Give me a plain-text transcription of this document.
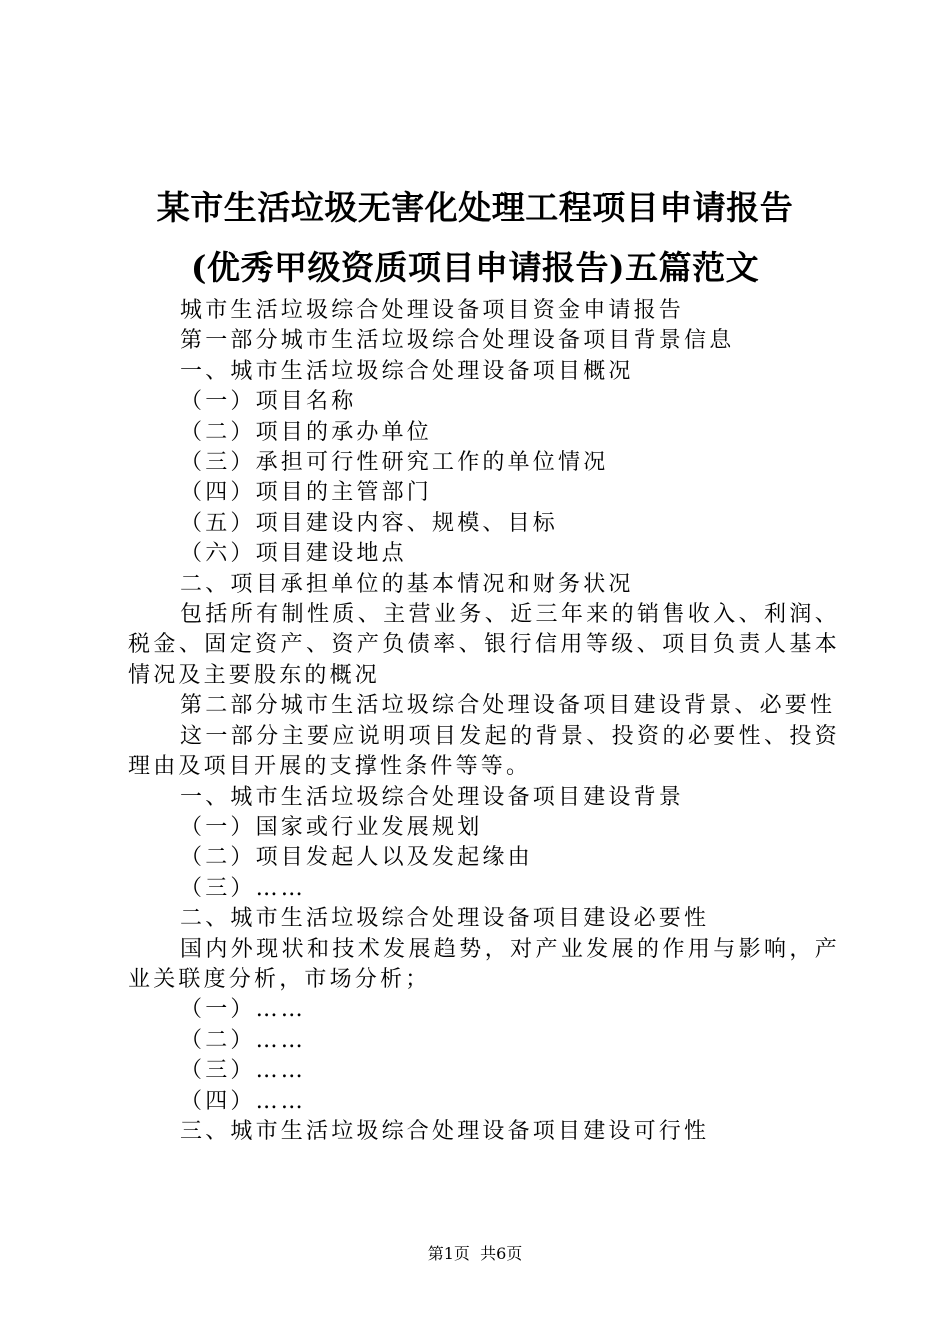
某市生活垃圾无害化处理工程项目申请报告
(优秀甲级资质项目申请报告)五篇范文

城市生活垃圾综合处理设备项目资金申请报告

第一部分城市生活垃圾综合处理设备项目背景信息

一、城市生活垃圾综合处理设备项目概况

（一）项目名称

（二）项目的承办单位

（三）承担可行性研究工作的单位情况

（四）项目的主管部门

（五）项目建设内容、规模、目标

（六）项目建设地点

二、项目承担单位的基本情况和财务状况

包括所有制性质、主营业务、近三年来的销售收入、利润、税金、固定资产、资产负债率、银行信用等级、项目负责人基本情况及主要股东的概况

第二部分城市生活垃圾综合处理设备项目建设背景、必要性

这一部分主要应说明项目发起的背景、投资的必要性、投资理由及项目开展的支撑性条件等等。

一、城市生活垃圾综合处理设备项目建设背景

（一）国家或行业发展规划

（二）项目发起人以及发起缘由

（三）……

二、城市生活垃圾综合处理设备项目建设必要性

国内外现状和技术发展趋势，对产业发展的作用与影响，产业关联度分析，市场分析；

（一）……

（二）……

（三）……

（四）……

三、城市生活垃圾综合处理设备项目建设可行性

第1页  共6页
